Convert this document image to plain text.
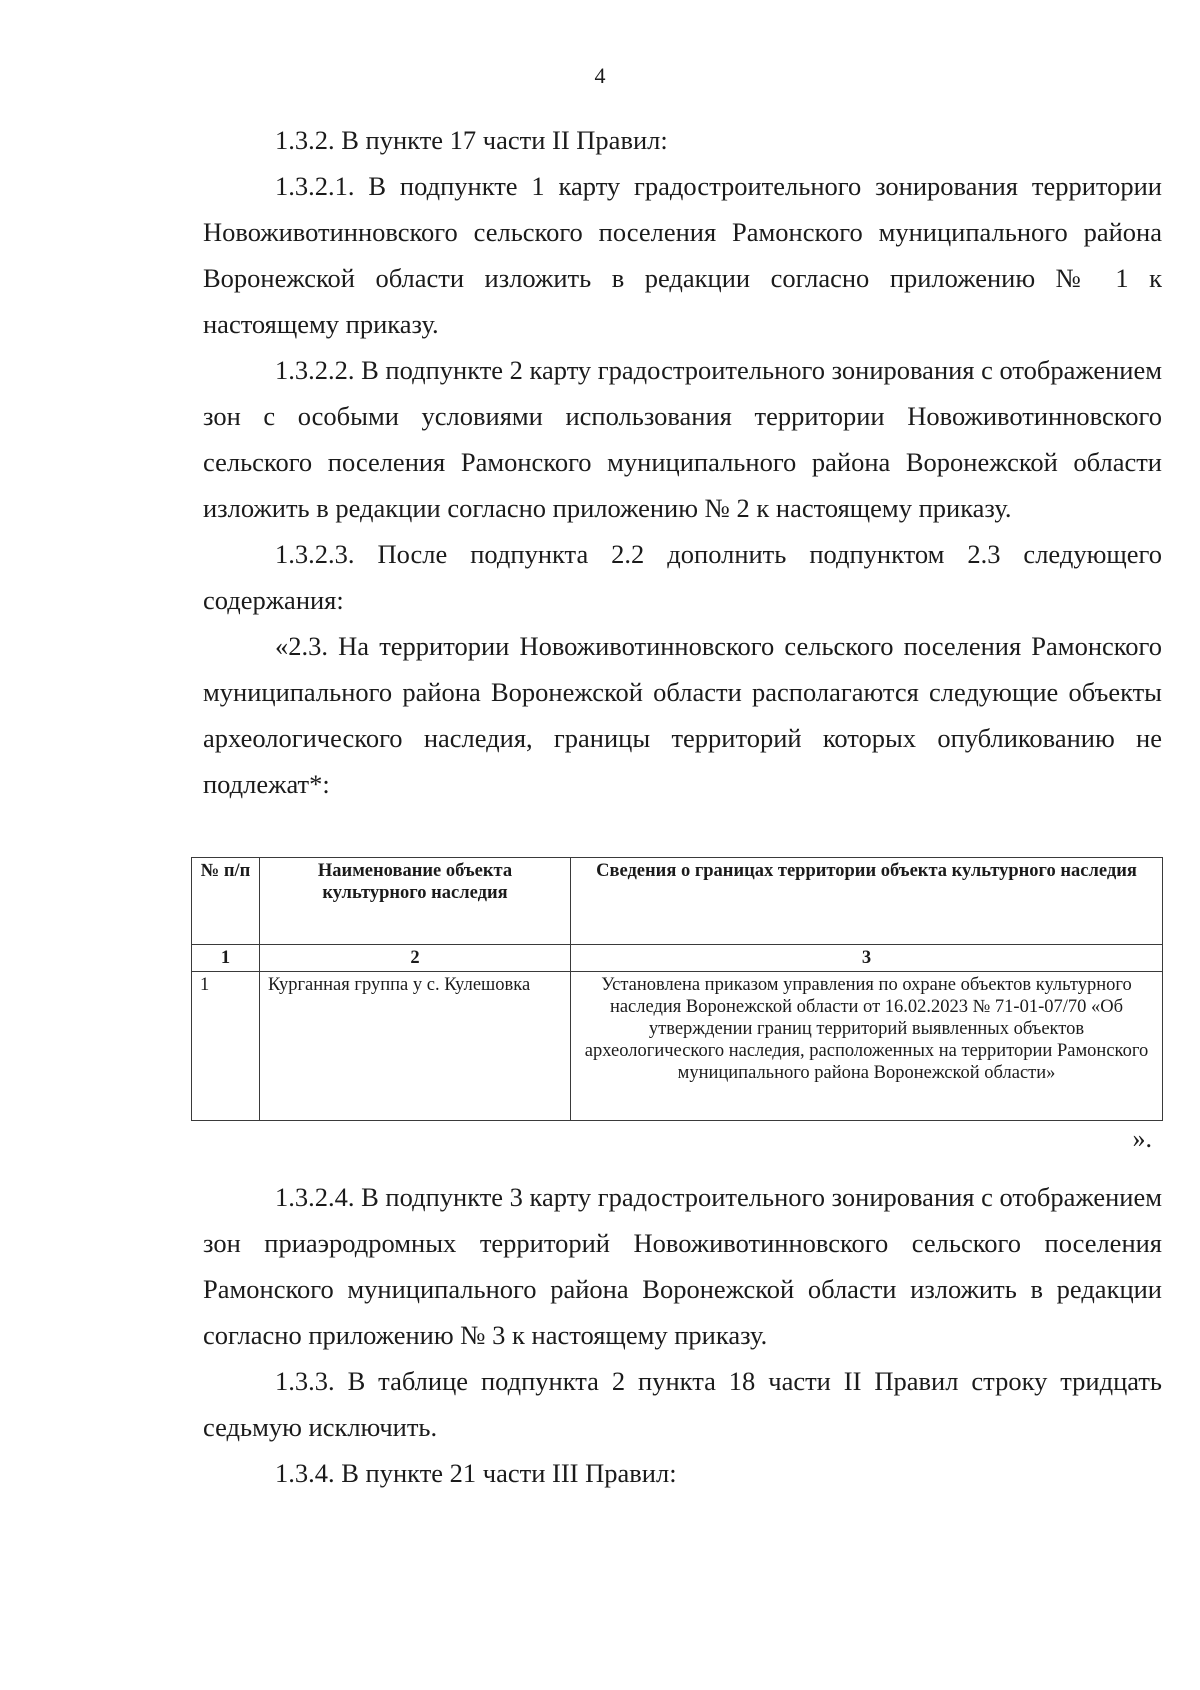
4

1.3.2. В пункте 17 части II Правил:

1.3.2.1. В подпункте 1 карту градостроительного зонирования территории Новоживотинновского сельского поселения Рамонского муниципального района Воронежской области изложить в редакции согласно приложению № 1 к настоящему приказу.

1.3.2.2. В подпункте 2 карту градостроительного зонирования с отображением зон с особыми условиями использования территории Новоживотинновского сельского поселения Рамонского муниципального района Воронежской области изложить в редакции согласно приложению № 2 к настоящему приказу.

1.3.2.3. После подпункта 2.2 дополнить подпунктом 2.3 следующего содержания:

«2.3. На территории Новоживотинновского сельского поселения Рамонского муниципального района Воронежской области располагаются следующие объекты археологического наследия, границы территорий которых опубликованию не подлежат*:

№ п/п	Наименование объекта культурного наследия	Сведения о границах территории объекта культурного наследия
1	2	3
1	Курганная группа у с. Кулешовка	Установлена приказом управления по охране объектов культурного наследия Воронежской области от 16.02.2023 № 71-01-07/70 «Об утверждении границ территорий выявленных объектов археологического наследия, расположенных на территории Рамонского муниципального района Воронежской области»
».

1.3.2.4. В подпункте 3 карту градостроительного зонирования с отображением зон приаэродромных территорий Новоживотинновского сельского поселения Рамонского муниципального района Воронежской области изложить в редакции согласно приложению № 3 к настоящему приказу.

1.3.3. В таблице подпункта 2 пункта 18 части II Правил строку тридцать седьмую исключить.

1.3.4. В пункте 21 части III Правил:
